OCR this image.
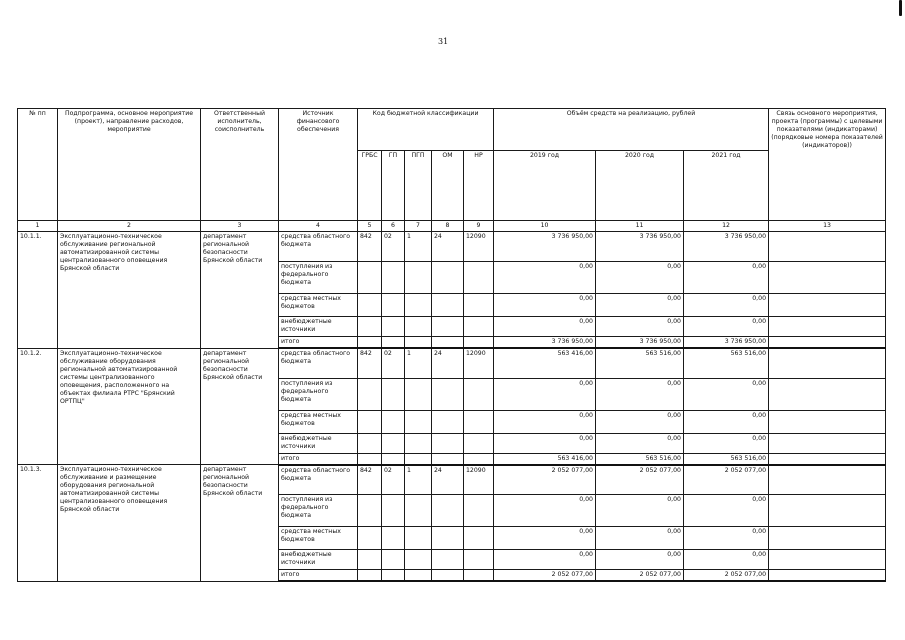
31
№ пп	Подпрограмма, основное мероприятие (проект), направление расходов, мероприятие	Ответственный исполнитель, соисполнитель	Источник финансового обеспечения	Код бюджетной классификации					Объём средств на реализацию, рублей			Связь основного мероприятия, проекта (программы) с целевыми показателями (индикаторами) (порядковые номера показателей (индикаторов))
				ГРБС	ГП	ПГП	ОМ	НР	2019 год	2020 год	2021 год	
1	2	3	4	5	6	7	8	9	10	11	12	13
10.1.1.	Эксплуатационно-техническое обслуживание региональной автоматизированной системы централизованного оповещения Брянской области	департамент региональной безопасности Брянской области	средства областного бюджета	842	02	1	24	12090	3 736 950,00	3 736 950,00	3 736 950,00	
			поступления из федерального бюджета						0,00	0,00	0,00	
			средства местных бюджетов						0,00	0,00	0,00	
			внебюджетные источники						0,00	0,00	0,00	
			итого						3 736 950,00	3 736 950,00	3 736 950,00	
10.1.2.	Эксплуатационно-техническое обслуживание оборудования региональной автоматизированной системы централизованного оповещения, расположенного на объектах филиала РТРС "Брянский ОРТПЦ"	департамент региональной безопасности Брянской области	средства областного бюджета	842	02	1	24	12090	563 416,00	563 516,00	563 516,00	
			поступления из федерального бюджета						0,00	0,00	0,00	
			средства местных бюджетов						0,00	0,00	0,00	
			внебюджетные источники						0,00	0,00	0,00	
			итого						563 416,00	563 516,00	563 516,00	
10.1.3.	Эксплуатационно-техническое обслуживание и размещение оборудования региональной автоматизированной системы централизованного оповещения Брянской области	департамент региональной безопасности Брянской области	средства областного бюджета	842	02	1	24	12090	2 052 077,00	2 052 077,00	2 052 077,00	
			поступления из федерального бюджета						0,00	0,00	0,00	
			средства местных бюджетов						0,00	0,00	0,00	
			внебюджетные источники						0,00	0,00	0,00	
			итого						2 052 077,00	2 052 077,00	2 052 077,00	
